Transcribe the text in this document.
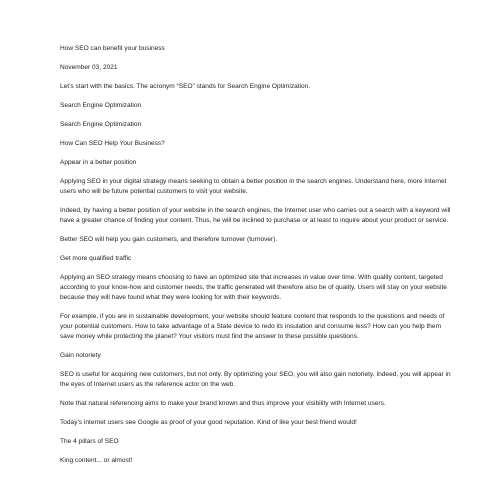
How SEO can benefit your business

November 03, 2021

Let’s start with the basics. The acronym “SEO” stands for Search Engine Optimization.

Search Engine Optimization

Search Engine Optimization

How Can SEO Help Your Business?

Appear in a better position

Applying SEO in your digital strategy means seeking to obtain a better position in the search engines. Understand here, more Internet users who will be future potential customers to visit your website.

Indeed, by having a better position of your website in the search engines, the Internet user who carries out a search with a keyword will have a greater chance of finding your content. Thus, he will be inclined to purchase or at least to inquire about your product or service.

Better SEO will help you gain customers, and therefore turnover (turnover).

Get more qualified traffic

Applying an SEO strategy means choosing to have an optimized site that increases in value over time. With quality content, targeted according to your know-how and customer needs, the traffic generated will therefore also be of quality. Users will stay on your website because they will have found what they were looking for with their keywords.

For example, if you are in sustainable development, your website should feature content that responds to the questions and needs of your potential customers. How to take advantage of a State device to redo its insulation and consume less? How can you help them save money while protecting the planet? Your visitors must find the answer to these possible questions.

Gain notoriety

SEO is useful for acquiring new customers, but not only. By optimizing your SEO, you will also gain notoriety. Indeed, you will appear in the eyes of Internet users as the reference actor on the web.

Note that natural referencing aims to make your brand known and thus improve your visibility with Internet users.

Today’s internet users see Google as proof of your good reputation. Kind of like your best friend would!

The 4 pillars of SEO

King content... or almost!
